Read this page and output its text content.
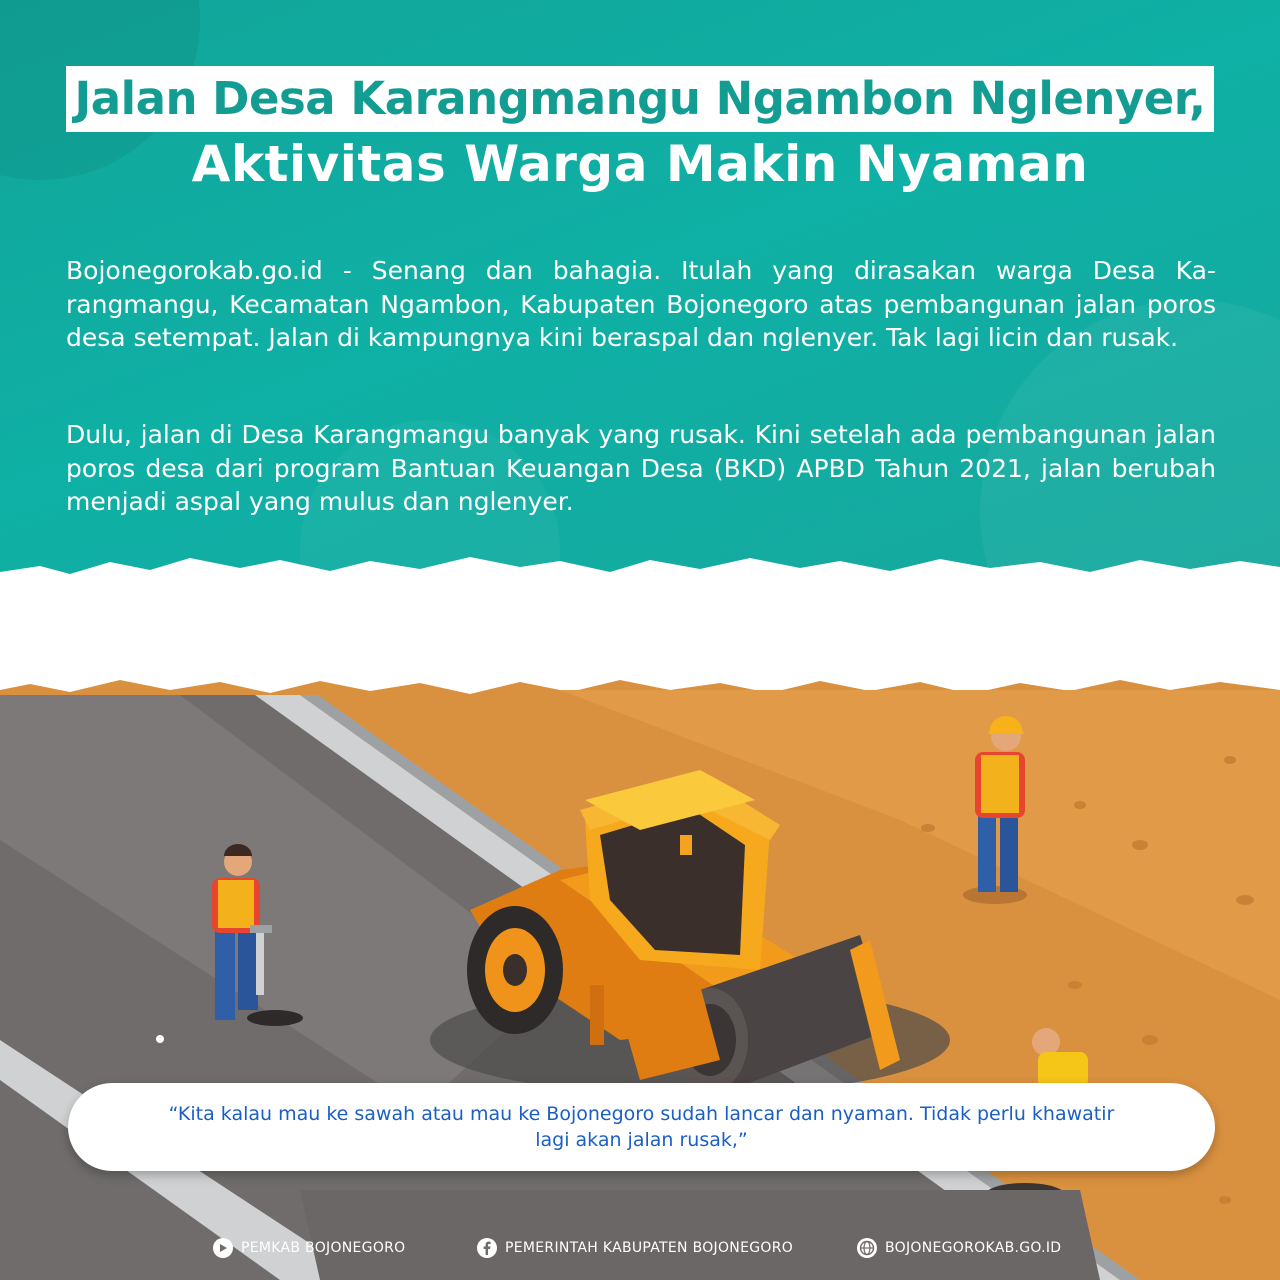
Jalan Desa Karangmangu Ngambon Nglenyer,
Aktivitas Warga Makin Nyaman
Bojonegorokab.go.id - Senang dan bahagia. Itulah yang dirasakan warga Desa Karangmangu, Kecamatan Ngambon, Kabupaten Bojonegoro atas pembangunan jalan poros desa setempat. Jalan di kampungnya kini beraspal dan nglenyer. Tak lagi licin dan rusak.
Dulu, jalan di Desa Karangmangu banyak yang rusak. Kini setelah ada pembangunan jalan poros desa dari program Bantuan Keuangan Desa (BKD) APBD Tahun 2021, jalan berubah menjadi aspal yang mulus dan nglenyer.
“Kita kalau mau ke sawah atau mau ke Bojonegoro sudah lancar dan nyaman. Tidak perlu khawatir lagi akan jalan rusak,”
PEMKAB BOJONEGORO	PEMERINTAH KABUPATEN BOJONEGORO	BOJONEGOROKAB.GO.ID
